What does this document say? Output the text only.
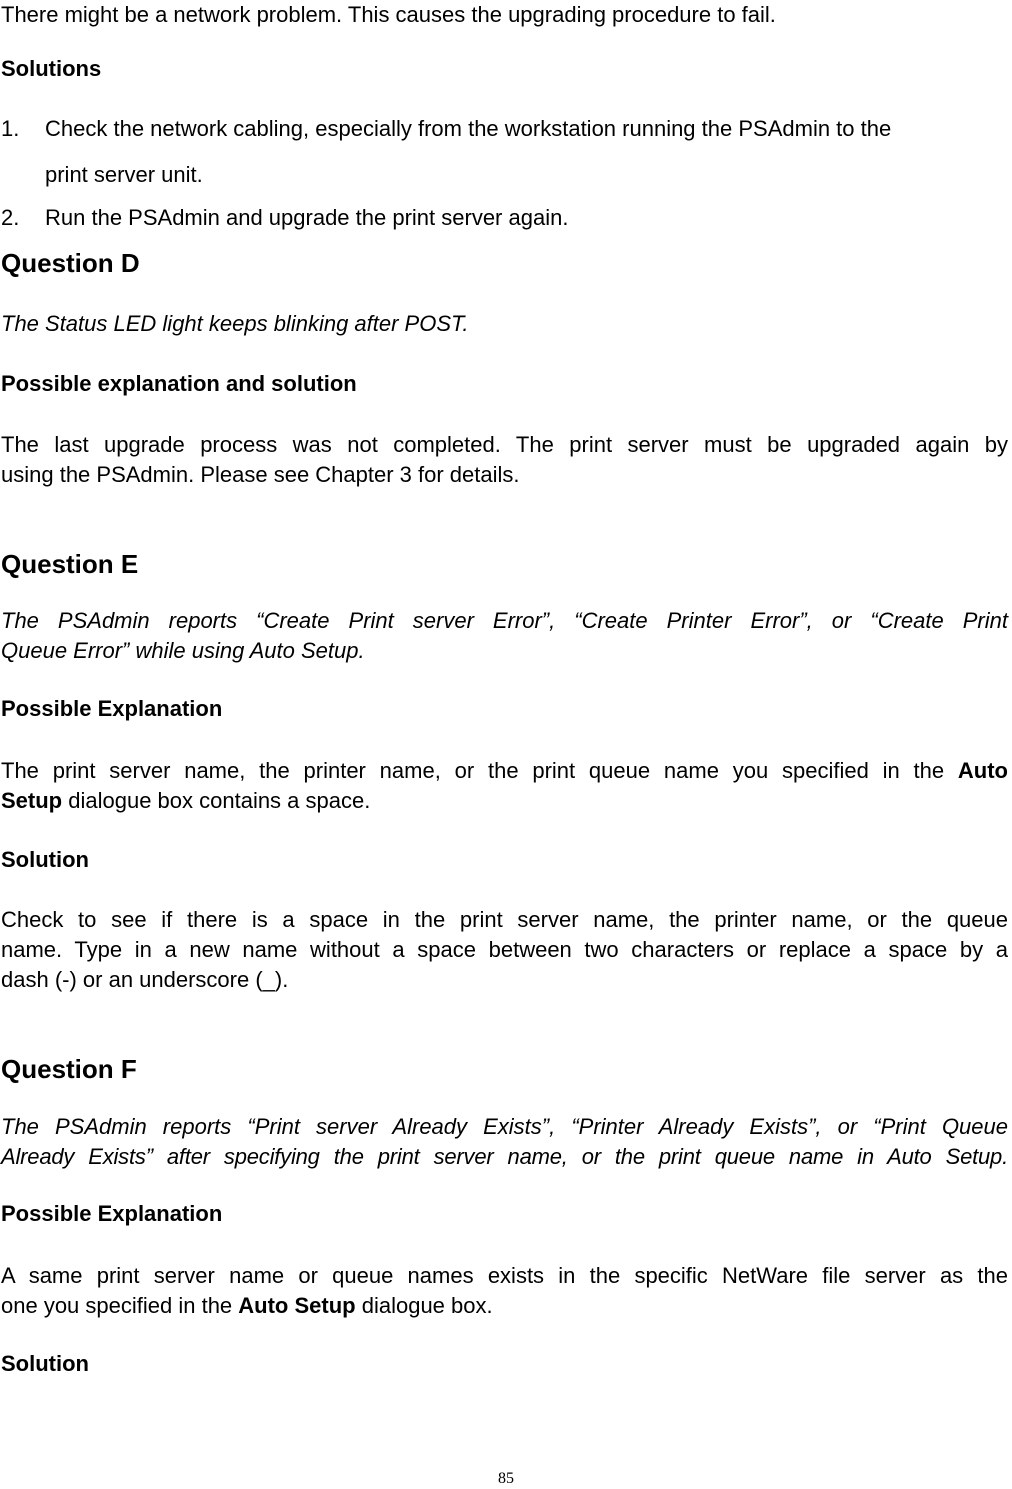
There might be a network problem. This causes the upgrading procedure to fail.
Solutions
1. Check the network cabling, especially from the workstation running the PSAdmin to the
print server unit.
2. Run the PSAdmin and upgrade the print server again.
Question D
The Status LED light keeps blinking after POST.
Possible explanation and solution
The last upgrade process was not completed. The print server must be upgraded again by
using the PSAdmin. Please see Chapter 3 for details.
Question E
The PSAdmin reports “Create Print server Error”, “Create Printer Error”, or “Create Print
Queue Error” while using Auto Setup.
Possible Explanation
The print server name, the printer name, or the print queue name you specified in the Auto
Setup dialogue box contains a space.
Solution
Check to see if there is a space in the print server name, the printer name, or the queue
name. Type in a new name without a space between two characters or replace a space by a
dash (-) or an underscore (_).
Question F
The PSAdmin reports “Print server Already Exists”, “Printer Already Exists”, or “Print Queue
Already Exists” after specifying the print server name, or the print queue name in Auto Setup.
Possible Explanation
A same print server name or queue names exists in the specific NetWare file server as the
one you specified in the Auto Setup dialogue box.
Solution
85
